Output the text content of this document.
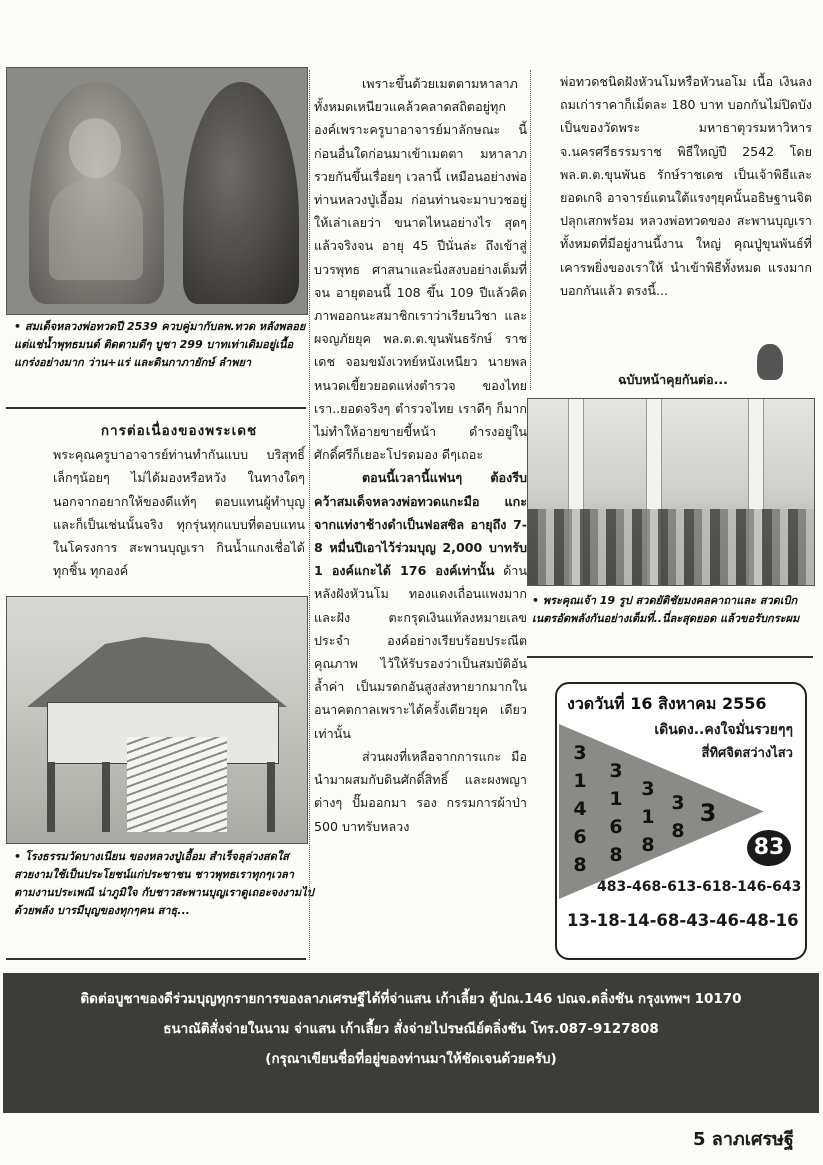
• สมเด็จหลวงพ่อทวดปี 2539 ควบคู่มากับลพ.ทวด หลังพลอย แต่แช่น้ำพุทธมนต์ ติดตามดีๆ บูชา 299 บาทเท่าเดิมอยู่เนื้อแกร่งอย่างมาก ว่าน+แร่ และดินกาภายักษ์ ลำพยา

การต่อเนื่องของพระเดช

พระคุณครูบาอาจารย์ท่านทำกันแบบ บริสุทธิ์เล็กๆน้อยๆ ไม่ได้มองหรือหวัง ในทางใดๆ นอกจากอยากให้ของดีแท้ๆ ตอบแทนผู้ทำบุญและก็เป็นเช่นนั้นจริง ทุกรุ่นทุกแบบที่ตอบแทนในโครงการ สะพานบุญเรา กินน้ำแกงเชื่อได้ทุกชิ้น ทุกองค์

• โรงธรรมวัดบางเนียน ของหลวงปู่เอื้อม สำเร็จลุล่วงสดใสสวยงามใช้เป็นประโยชน์แก่ประชาชน ชาวพุทธเราทุกๆเวลาตามงานประเพณี น่าภูมิใจ กับชาวสะพานบุญเราดูเถอะจงงามไปด้วยพลัง บารมีบุญของทุกๆคน สาธุ...

เพราะขึ้นด้วยเมตตามหาลาภ ทั้งหมดเหนียวแคล้วคลาดสถิตอยู่ทุก องค์เพราะครูบาอาจารย์มาลักษณะ นี้ก่อนอื่นใดก่อนมาเข้าเมตตา มหาลาภรวยกันขึ้นเรื่อยๆ เวลานี้ เหมือนอย่างพ่อท่านหลวงปู่เอื้อม ก่อนท่านจะมาบวชอยู่ให้เล่าเลยว่า ขนาดไหนอย่างไร สุดๆ แล้วจริงจน อายุ 45 ปีนั่นล่ะ ถึงเข้าสู่บวรพุทธ ศาสนาและนิ่งสงบอย่างเต็มที่จน อายุตอนนี้ 108 ขึ้น 109 ปีแล้วคิด ภาพออกนะสมาชิกเราว่าเรียนวิชา และผจญภัยยุค พล.ต.ต.ขุนพันธรักษ์ ราชเดช จอมขมังเวทย์หนังเหนียว นายพลหนวดเขี้ยวยอดแห่งตำรวจ ของไทยเรา..ยอดจริงๆ ตำรวจไทย เราดีๆ ก็มากไม่ทำให้อายขายขี้หน้า ดำรงอยู่ในศักดิ์ศรีก็เยอะโปรดมอง ดีๆเถอะ

ตอนนี้เวลานี้แฟนๆ ต้องรีบ คว้าสมเด็จหลวงพ่อทวดแกะมือ แกะจากแท่งาช้างดำเป็นฟอสซิล อายุถึง 7-8 หมื่นปีเอาไว้ร่วมบุญ 2,000 บาทรับ 1 องค์แกะได้ 176 องค์เท่านั้น ด้านหลังฝังหัวนโม ทองแดงเถื่อนแพงมากและฝัง ตะกรุดเงินแท้ลงหมายเลขประจำ องค์อย่างเรียบร้อยประณีตคุณภาพ ไว้ให้รับรองว่าเป็นสมบัติอันล้ำค่า เป็นมรดกอันสูงส่งหายากมากใน อนาคตกาลเพราะได้ครั้งเดียวยุค เดียวเท่านั้น

ส่วนผงที่เหลือจากการแกะ มือนำมาผสมกับดินศักดิ์สิทธิ์ และผงพญาต่างๆ ปั๊มออกมา รอง กรรมการผ้าป่า 500 บาทรับหลวง

พ่อทวดชนิดฝังหัวนโมหรือหัวนอโม เนื้อ เงินลงถมเก่าราคาก็เม็ดละ 180 บาท บอกกันไม่ปิดบังเป็นของวัดพระ มหาธาตุวรมหาวิหาร จ.นครศรีธรรมราช พิธีใหญ่ปี 2542 โดยพล.ต.ต.ขุนพันธ รักษ์ราชเดช เป็นเจ้าพิธีและยอดเกจิ อาจารย์แดนใต้แรงๆยุคนั้นอธิษฐานจิต ปลุกเสกพร้อม หลวงพ่อทวดของ สะพานบุญเรา ทั้งหมดที่มีอยู่งานนี้งาน ใหญ่ คุณปู่ขุนพันธ์ที่เคารพยิ่งของเราให้ นำเข้าพิธีทั้งหมด แรงมากบอกกันแล้ว ตรงนี้...

ฉบับหน้าคุยกันต่อ...
• พระคุณเจ้า 19 รูป สวดยัติชัยมงคลคาถาและ สวดเบิกเนตรอัดพลังกันอย่างเต็มที่..นี่ละสุดยอด แล้วขอรับกระผม
งวดวันที่ 16 สิงหาคม 2556
เดินดง..คงใจมั่นรวยๆๆ
สี่ทิศจิตสว่างไสว
3
1
4
6
8
3
1
6
8
3
1
8
3
8
3
83
483-468-613-618-146-643
13-18-14-68-43-46-48-16

ติดต่อบูชาของดีร่วมบุญทุกรายการของลาภเศรษฐีได้ที่จ่าแสน เก้าเลี้ยว ตู้ปณ.146 ปณจ.ตลิ่งชัน กรุงเทพฯ 10170

ธนาณัติสั่งจ่ายในนาม จ่าแสน เก้าเลี้ยว สั่งจ่ายไปรษณีย์ตลิ่งชัน โทร.087-9127808

(กรุณาเขียนชื่อที่อยู่ของท่านมาให้ชัดเจนด้วยครับ)

5 ลาภเศรษฐี
